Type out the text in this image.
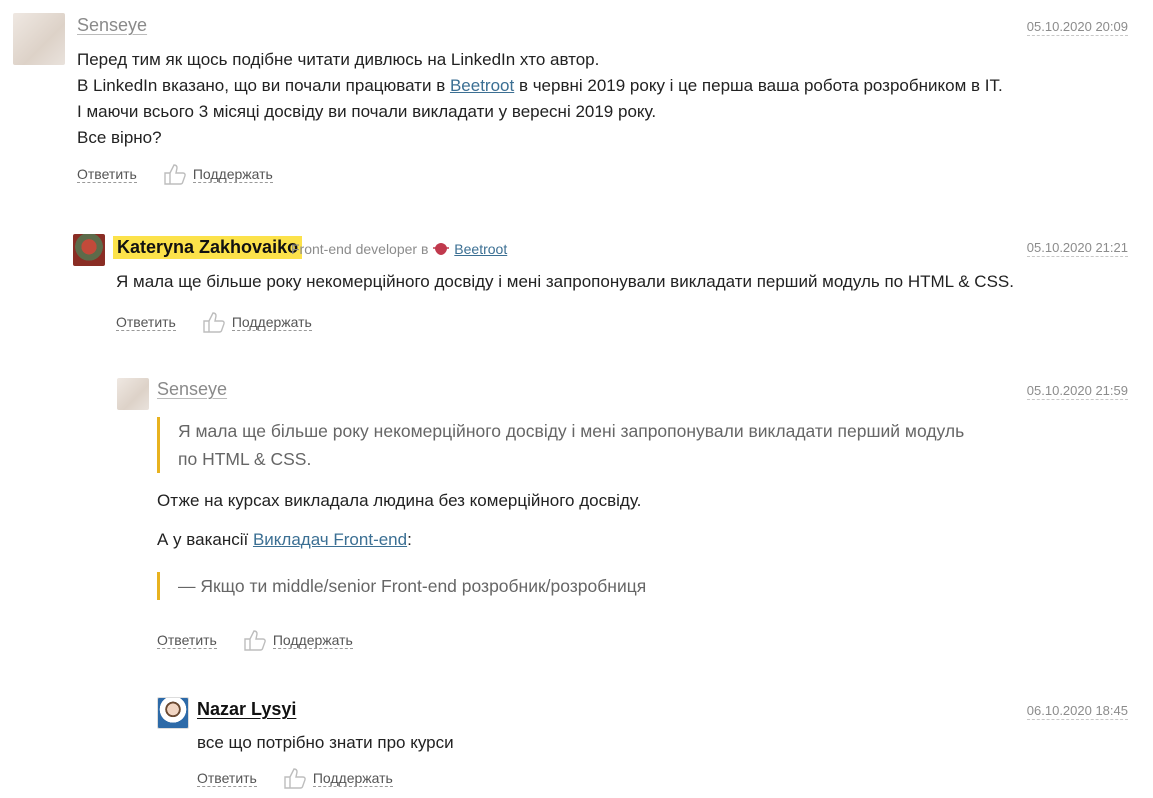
Senseye	05.10.2020 20:09
Перед тим як щось подібне читати дивлюсь на LinkedIn хто автор.
В LinkedIn вказано, що ви почали працювати в Beetroot в червні 2019 року і це перша ваша робота розробником в IT.
І маючи всього 3 місяці досвіду ви почали викладати у вересні 2019 року.
Все вірно?
Ответить	Поддержать
Kateryna Zakhovaiko
Front-end developer в Beetroot	05.10.2020 21:21
Я мала ще більше року некомерційного досвіду і мені запропонували викладати перший модуль по HTML & CSS.
Ответить	Поддержать
Senseye	05.10.2020 21:59
Я мала ще більше року некомерційного досвіду і мені запропонували викладати перший модуль
по HTML & CSS.
Отже на курсах викладала людина без комерційного досвіду.
А у вакансії Викладач Front-end:
— Якщо ти middle/senior Front-end розробник/розробниця
Ответить	Поддержать
Nazar Lysyi	06.10.2020 18:45
все що потрібно знати про курси
Ответить	Поддержать
